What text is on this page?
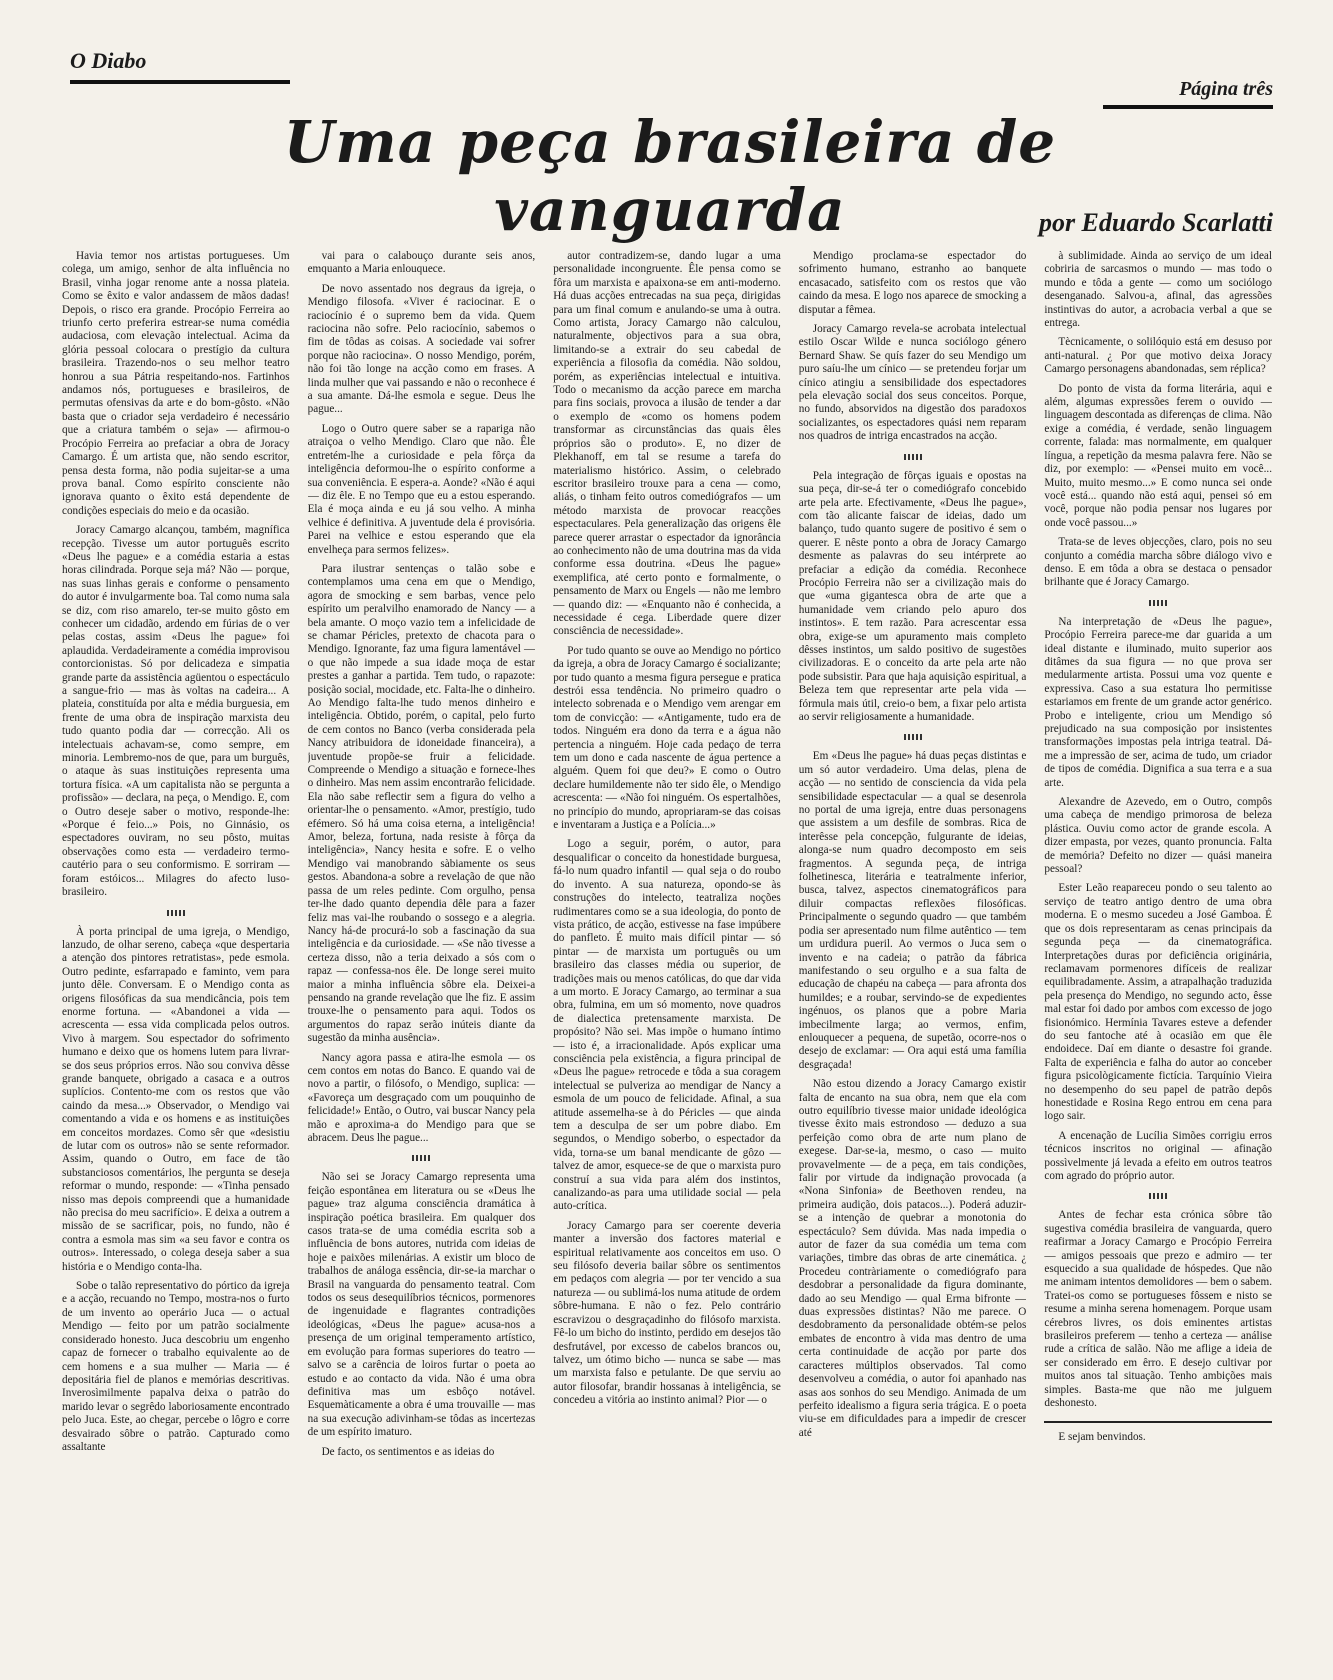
O Diabo
Página três
Uma peça brasileira de vanguarda	por Eduardo Scarlatti

Havia temor nos artistas portugueses. Um colega, um amigo, senhor de alta influência no Brasil, vinha jogar renome ante a nossa plateia. Como se êxito e valor andassem de mãos dadas! Depois, o risco era grande. Procópio Ferreira ao triunfo certo preferira estrear-se numa comédia audaciosa, com elevação intelectual. Acima da glória pessoal colocara o prestígio da cultura brasileira. Trazendo-nos o seu melhor teatro honrou a sua Pátria respeitando-nos. Fartinhos andamos nós, portugueses e brasileiros, de permutas ofensivas da arte e do bom-gôsto. «Não basta que o criador seja verdadeiro é necessário que a criatura também o seja» — afirmou-o Procópio Ferreira ao prefaciar a obra de Joracy Camargo. É um artista que, não sendo escritor, pensa desta forma, não podia sujeitar-se a uma prova banal. Como espírito consciente não ignorava quanto o êxito está dependente de condições especiais do meio e da ocasião.

Joracy Camargo alcançou, também, magnífica recepção. Tivesse um autor português escrito «Deus lhe pague» e a comédia estaria a estas horas cilindrada. Porque seja má? Não — porque, nas suas linhas gerais e conforme o pensamento do autor é invulgarmente boa. Tal como numa sala se diz, com riso amarelo, ter-se muito gôsto em conhecer um cidadão, ardendo em fúrias de o ver pelas costas, assim «Deus lhe pague» foi aplaudida. Verdadeiramente a comédia improvisou contorcionistas. Só por delicadeza e simpatia grande parte da assistência agüentou o espectáculo a sangue-frio — mas às voltas na cadeira... A plateia, constituída por alta e média burguesia, em frente de uma obra de inspiração marxista deu tudo quanto podia dar — correcção. Ali os intelectuais achavam-se, como sempre, em minoria. Lembremo-nos de que, para um burguês, o ataque às suas instituições representa uma tortura física. «A um capitalista não se pergunta a profissão» — declara, na peça, o Mendigo. E, com o Outro deseje saber o motivo, responde-lhe: «Porque é feio...» Pois, no Ginnásio, os espectadores ouviram, no seu pôsto, muitas observações como esta — verdadeiro termo-cautério para o seu conformismo. E sorriram — foram estóicos... Milagres do afecto luso-brasileiro.

À porta principal de uma igreja, o Mendigo, lanzudo, de olhar sereno, cabeça «que despertaria a atenção dos pintores retratistas», pede esmola. Outro pedinte, esfarrapado e faminto, vem para junto dêle. Conversam. E o Mendigo conta as origens filosóficas da sua mendicância, pois tem enorme fortuna. — «Abandonei a vida — acrescenta — essa vida complicada pelos outros. Vivo à margem. Sou espectador do sofrimento humano e deixo que os homens lutem para livrar-se dos seus próprios erros. Não sou conviva dêsse grande banquete, obrigado a casaca e a outros suplícios. Contento-me com os restos que vão caindo da mesa...» Observador, o Mendigo vai comentando a vida e os homens e as instituições em conceitos mordazes. Como sêr que «desistiu de lutar com os outros» não se sente reformador. Assim, quando o Outro, em face de tão substanciosos comentários, lhe pergunta se deseja reformar o mundo, responde: — «Tinha pensado nisso mas depois compreendi que a humanidade não precisa do meu sacrifício». E deixa a outrem a missão de se sacrificar, pois, no fundo, não é contra a esmola mas sim «a seu favor e contra os outros». Interessado, o colega deseja saber a sua história e o Mendigo conta-lha.

Sobe o talão representativo do pórtico da igreja e a acção, recuando no Tempo, mostra-nos o furto de um invento ao operário Juca — o actual Mendigo — feito por um patrão socialmente considerado honesto. Juca descobriu um engenho capaz de fornecer o trabalho equivalente ao de cem homens e a sua mulher — Maria — é depositária fiel de planos e memórias descritivas. Inverosìmilmente papalva deixa o patrão do marido levar o segrêdo laboriosamente encontrado pelo Juca. Este, ao chegar, percebe o lôgro e corre desvairado sôbre o patrão. Capturado como assaltante

vai para o calabouço durante seis anos, emquanto a Maria enlouquece.

De novo assentado nos degraus da igreja, o Mendigo filosofa. «Viver é raciocinar. E o raciocínio é o supremo bem da vida. Quem raciocina não sofre. Pelo raciocínio, sabemos o fim de tôdas as coisas. A sociedade vai sofrer porque não raciocina». O nosso Mendigo, porém, não foi tão longe na acção como em frases. A linda mulher que vai passando e não o reconhece é a sua amante. Dá-lhe esmola e segue. Deus lhe pague...

Logo o Outro quere saber se a rapariga não atraiçoa o velho Mendigo. Claro que não. Êle entretém-lhe a curiosidade e pela fôrça da inteligência deformou-lhe o espírito conforme a sua conveniência. E espera-a. Aonde? «Não é aqui — diz êle. E no Tempo que eu a estou esperando. Ela é moça ainda e eu já sou velho. A minha velhice é definitiva. A juventude dela é provisória. Parei na velhice e estou esperando que ela envelheça para sermos felizes».

Para ilustrar sentenças o talão sobe e contemplamos uma cena em que o Mendigo, agora de smocking e sem barbas, vence pelo espírito um peralvilho enamorado de Nancy — a bela amante. O moço vazio tem a infelicidade de se chamar Péricles, pretexto de chacota para o Mendigo. Ignorante, faz uma figura lamentável — o que não impede a sua idade moça de estar prestes a ganhar a partida. Tem tudo, o rapazote: posição social, mocidade, etc. Falta-lhe o dinheiro. Ao Mendigo falta-lhe tudo menos dinheiro e inteligência. Obtido, porém, o capital, pelo furto de cem contos no Banco (verba considerada pela Nancy atribuidora de idoneidade financeira), a juventude propõe-se fruir a felicidade. Compreende o Mendigo a situação e fornece-lhes o dinheiro. Mas nem assim encontrarão felicidade. Ela não sabe reflectir sem a figura do velho a orientar-lhe o pensamento. «Amor, prestígio, tudo efémero. Só há uma coisa eterna, a inteligência! Amor, beleza, fortuna, nada resiste à fôrça da inteligência», Nancy hesita e sofre. E o velho Mendigo vai manobrando sàbiamente os seus gestos. Abandona-a sobre a revelação de que não passa de um reles pedinte. Com orgulho, pensa ter-lhe dado quanto dependia dêle para a fazer feliz mas vai-lhe roubando o sossego e a alegria. Nancy há-de procurá-lo sob a fascinação da sua inteligência e da curiosidade. — «Se não tivesse a certeza disso, não a teria deixado a sós com o rapaz — confessa-nos êle. De longe serei muito maior a minha influência sôbre ela. Deixei-a pensando na grande revelação que lhe fiz. E assim trouxe-lhe o pensamento para aqui. Todos os argumentos do rapaz serão inúteis diante da sugestão da minha ausência».

Nancy agora passa e atira-lhe esmola — os cem contos em notas do Banco. E quando vai de novo a partir, o filósofo, o Mendigo, suplica: — «Favoreça um desgraçado com um pouquinho de felicidade!» Então, o Outro, vai buscar Nancy pela mão e aproxima-a do Mendigo para que se abracem. Deus lhe pague...

Não sei se Joracy Camargo representa uma feição espontânea em literatura ou se «Deus lhe pague» traz alguma consciência dramática à inspiração poética brasileira. Em qualquer dos casos trata-se de uma comédia escrita sob a influência de bons autores, nutrida com ideias de hoje e paixões milenárias. A existir um bloco de trabalhos de análoga essência, dir-se-ia marchar o Brasil na vanguarda do pensamento teatral. Com todos os seus desequilíbrios técnicos, pormenores de ingenuidade e flagrantes contradições ideológicas, «Deus lhe pague» acusa-nos a presença de um original temperamento artístico, em evolução para formas superiores do teatro — salvo se a carência de loiros furtar o poeta ao estudo e ao contacto da vida. Não é uma obra definitiva mas um esbôço notável. Esquemàticamente a obra é uma trouvaille — mas na sua execução adivinham-se tôdas as incertezas de um espírito imaturo.

De facto, os sentimentos e as ideias do

autor contradizem-se, dando lugar a uma personalidade incongruente. Êle pensa como se fôra um marxista e apaixona-se em anti-moderno. Há duas acções entrecadas na sua peça, dirigidas para um final comum e anulando-se uma à outra. Como artista, Joracy Camargo não calculou, naturalmente, objectivos para a sua obra, limitando-se a extrair do seu cabedal de experiência a filosofia da comédia. Não soldou, porém, as experiências intelectual e intuitiva. Todo o mecanismo da acção parece em marcha para fins sociais, provoca a ilusão de tender a dar o exemplo de «como os homens podem transformar as circunstâncias das quais êles próprios são o produto». E, no dizer de Plekhanoff, em tal se resume a tarefa do materialismo histórico. Assim, o celebrado escritor brasileiro trouxe para a cena — como, aliás, o tinham feito outros comediógrafos — um método marxista de provocar reacções espectaculares. Pela generalização das origens êle parece querer arrastar o espectador da ignorância ao conhecimento não de uma doutrina mas da vida conforme essa doutrina. «Deus lhe pague» exemplifica, até certo ponto e formalmente, o pensamento de Marx ou Engels — não me lembro — quando diz: — «Enquanto não é conhecida, a necessidade é cega. Liberdade quere dizer consciência de necessidade».

Por tudo quanto se ouve ao Mendigo no pórtico da igreja, a obra de Joracy Camargo é socializante; por tudo quanto a mesma figura persegue e pratica destrói essa tendência. No primeiro quadro o intelecto sobrenada e o Mendigo vem arengar em tom de convicção: — «Antigamente, tudo era de todos. Ninguém era dono da terra e a água não pertencia a ninguém. Hoje cada pedaço de terra tem um dono e cada nascente de água pertence a alguém. Quem foi que deu?» E como o Outro declare humildemente não ter sido êle, o Mendigo acrescenta: — «Não foi ninguém. Os espertalhões, no princípio do mundo, apropriaram-se das coisas e inventaram a Justiça e a Polícia...»

Logo a seguir, porém, o autor, para desqualificar o conceito da honestidade burguesa, fá-lo num quadro infantil — qual seja o do roubo do invento. A sua natureza, opondo-se às construções do intelecto, teatraliza noções rudimentares como se a sua ideologia, do ponto de vista prático, de acção, estivesse na fase impúbere do panfleto. É muito mais difícil pintar — só pintar — de marxista um português ou um brasileiro das classes média ou superior, de tradições mais ou menos católicas, do que dar vida a um morto. E Joracy Camargo, ao terminar a sua obra, fulmina, em um só momento, nove quadros de dialectica pretensamente marxista. De propósito? Não sei. Mas impõe o humano íntimo — isto é, a irracionalidade. Após explicar uma consciência pela existência, a figura principal de «Deus lhe pague» retrocede e tôda a sua coragem intelectual se pulveriza ao mendigar de Nancy a esmola de um pouco de felicidade. Afinal, a sua atitude assemelha-se à do Péricles — que ainda tem a desculpa de ser um pobre diabo. Em segundos, o Mendigo soberbo, o espectador da vida, torna-se um banal mendicante de gôzo — talvez de amor, esquece-se de que o marxista puro construí a sua vida para além dos instintos, canalizando-as para uma utilidade social — pela auto-crítica.

Joracy Camargo para ser coerente deveria manter a inversão dos factores material e espiritual relativamente aos conceitos em uso. O seu filósofo deveria bailar sôbre os sentimentos em pedaços com alegria — por ter vencido a sua natureza — ou sublimá-los numa atitude de ordem sôbre-humana. E não o fez. Pelo contrário escravizou o desgraçadinho do filósofo marxista. Fê-lo um bicho do instinto, perdido em desejos tão desfrutável, por excesso de cabelos brancos ou, talvez, um ótimo bicho — nunca se sabe — mas um marxista falso e petulante. De que serviu ao autor filosofar, brandir hossanas à inteligência, se concedeu a vitória ao instinto animal? Pior — o

Mendigo proclama-se espectador do sofrimento humano, estranho ao banquete encasacado, satisfeito com os restos que vão caindo da mesa. E logo nos aparece de smocking a disputar a fêmea.

Joracy Camargo revela-se acrobata intelectual estilo Oscar Wilde e nunca sociólogo género Bernard Shaw. Se quís fazer do seu Mendigo um puro saíu-lhe um cínico — se pretendeu forjar um cínico atingiu a sensibilidade dos espectadores pela elevação social dos seus conceitos. Porque, no fundo, absorvidos na digestão dos paradoxos socializantes, os espectadores quási nem reparam nos quadros de intriga encastrados na acção.

Pela integração de fôrças iguais e opostas na sua peça, dir-se-á ter o comediógrafo concebido arte pela arte. Efectivamente, «Deus lhe pague», com tão alicante faiscar de ideias, dado um balanço, tudo quanto sugere de positivo é sem o querer. E nêste ponto a obra de Joracy Camargo desmente as palavras do seu intérprete ao prefaciar a edição da comédia. Reconhece Procópio Ferreira não ser a civilização mais do que «uma gigantesca obra de arte que a humanidade vem criando pelo apuro dos instintos». E tem razão. Para acrescentar essa obra, exige-se um apuramento mais completo dêsses instintos, um saldo positivo de sugestões civilizadoras. E o conceito da arte pela arte não pode subsistir. Para que haja aquisição espiritual, a Beleza tem que representar arte pela vida — fórmula mais útil, creio-o bem, a fixar pelo artista ao servir religiosamente a humanidade.

Em «Deus lhe pague» há duas peças distintas e um só autor verdadeiro. Uma delas, plena de acção — no sentido de consciencia da vida pela sensibilidade espectacular — a qual se desenrola no portal de uma igreja, entre duas personagens que assistem a um desfile de sombras. Rica de interêsse pela concepção, fulgurante de ideias, alonga-se num quadro decomposto em seis fragmentos. A segunda peça, de intriga folhetinesca, literária e teatralmente inferior, busca, talvez, aspectos cinematográficos para diluir compactas reflexões filosóficas. Principalmente o segundo quadro — que também podia ser apresentado num filme autêntico — tem um urdidura pueril. Ao vermos o Juca sem o invento e na cadeia; o patrão da fábrica manifestando o seu orgulho e a sua falta de educação de chapéu na cabeça — para afronta dos humildes; e a roubar, servindo-se de expedientes ingénuos, os planos que a pobre Maria imbecilmente larga; ao vermos, enfim, enlouquecer a pequena, de supetão, ocorre-nos o desejo de exclamar: — Ora aqui está uma família desgraçada!

Não estou dizendo a Joracy Camargo existir falta de encanto na sua obra, nem que ela com outro equilíbrio tivesse maior unidade ideológica tivesse êxito mais estrondoso — deduzo a sua perfeição como obra de arte num plano de exegese. Dar-se-ia, mesmo, o caso — muito provavelmente — de a peça, em tais condições, falir por virtude da indignação provocada (a «Nona Sinfonia» de Beethoven rendeu, na primeira audição, dois patacos...). Poderá aduzir-se a intenção de quebrar a monotonia do espectáculo? Sem dúvida. Mas nada impedia o autor de fazer da sua comédia um tema com variações, timbre das obras de arte cinemática. ¿ Procedeu contràriamente o comediógrafo para desdobrar a personalidade da figura dominante, dado ao seu Mendigo — qual Erma bifronte — duas expressões distintas? Não me parece. O desdobramento da personalidade obtém-se pelos embates de encontro à vida mas dentro de uma certa continuidade de acção por parte dos caracteres múltiplos observados. Tal como desenvolveu a comédia, o autor foi apanhado nas asas aos sonhos do seu Mendigo. Animada de um perfeito idealismo a figura seria trágica. E o poeta viu-se em dificuldades para a impedir de crescer até

à sublimidade. Ainda ao serviço de um ideal cobriria de sarcasmos o mundo — mas todo o mundo e tôda a gente — como um sociólogo desenganado. Salvou-a, afinal, das agressões instintivas do autor, a acrobacia verbal a que se entrega.

Tècnicamente, o solilóquio está em desuso por anti-natural. ¿ Por que motivo deixa Joracy Camargo personagens abandonadas, sem réplica?

Do ponto de vista da forma literária, aqui e além, algumas expressões ferem o ouvido — linguagem descontada as diferenças de clima. Não exige a comédia, é verdade, senão linguagem corrente, falada: mas normalmente, em qualquer língua, a repetição da mesma palavra fere. Não se diz, por exemplo: — «Pensei muito em você... Muito, muito mesmo...» E como nunca sei onde você está... quando não está aqui, pensei só em você, porque não podia pensar nos lugares por onde você passou...»

Trata-se de leves objecções, claro, pois no seu conjunto a comédia marcha sôbre diálogo vivo e denso. E em tôda a obra se destaca o pensador brilhante que é Joracy Camargo.

Na interpretação de «Deus lhe pague», Procópio Ferreira parece-me dar guarida a um ideal distante e iluminado, muito superior aos ditâmes da sua figura — no que prova ser medularmente artista. Possui uma voz quente e expressiva. Caso a sua estatura lho permitisse estariamos em frente de um grande actor genérico. Probo e inteligente, criou um Mendigo só prejudicado na sua composição por insistentes transformações impostas pela intriga teatral. Dá-me a impressão de ser, acima de tudo, um criador de tipos de comédia. Dignifica a sua terra e a sua arte.

Alexandre de Azevedo, em o Outro, compôs uma cabeça de mendigo primorosa de beleza plástica. Ouviu como actor de grande escola. A dizer empasta, por vezes, quanto pronuncia. Falta de memória? Defeito no dizer — quási maneira pessoal?

Ester Leão reapareceu pondo o seu talento ao serviço de teatro antigo dentro de uma obra moderna. E o mesmo sucedeu a José Gamboa. É que os dois representaram as cenas principais da segunda peça — da cinematográfica. Interpretações duras por deficiência originária, reclamavam pormenores difíceis de realizar equilibradamente. Assim, a atrapalhação traduzida pela presença do Mendigo, no segundo acto, êsse mal estar foi dado por ambos com excesso de jogo fisionómico. Hermínia Tavares esteve a defender do seu fantoche até à ocasião em que êle endoidece. Daí em diante o desastre foi grande. Falta de experiência e falha do autor ao conceber figura psicològicamente fictícia. Tarquínio Vieira no desempenho do seu papel de patrão depôs honestidade e Rosina Rego entrou em cena para logo sair.

A encenação de Lucília Simões corrigiu erros técnicos inscritos no original — afinação possìvelmente já levada a efeito em outros teatros com agrado do próprio autor.

Antes de fechar esta crónica sôbre tão sugestiva comédia brasileira de vanguarda, quero reafirmar a Joracy Camargo e Procópio Ferreira — amigos pessoais que prezo e admiro — ter esquecido a sua qualidade de hóspedes. Que não me animam intentos demolidores — bem o sabem. Tratei-os como se portugueses fôssem e nisto se resume a minha serena homenagem. Porque usam cérebros livres, os dois eminentes artistas brasileiros preferem — tenho a certeza — análise rude a crítica de salão. Não me aflige a ideia de ser considerado em êrro. E desejo cultivar por muitos anos tal situação. Tenho ambições mais simples. Basta-me que não me julguem deshonesto.

E sejam benvindos.
